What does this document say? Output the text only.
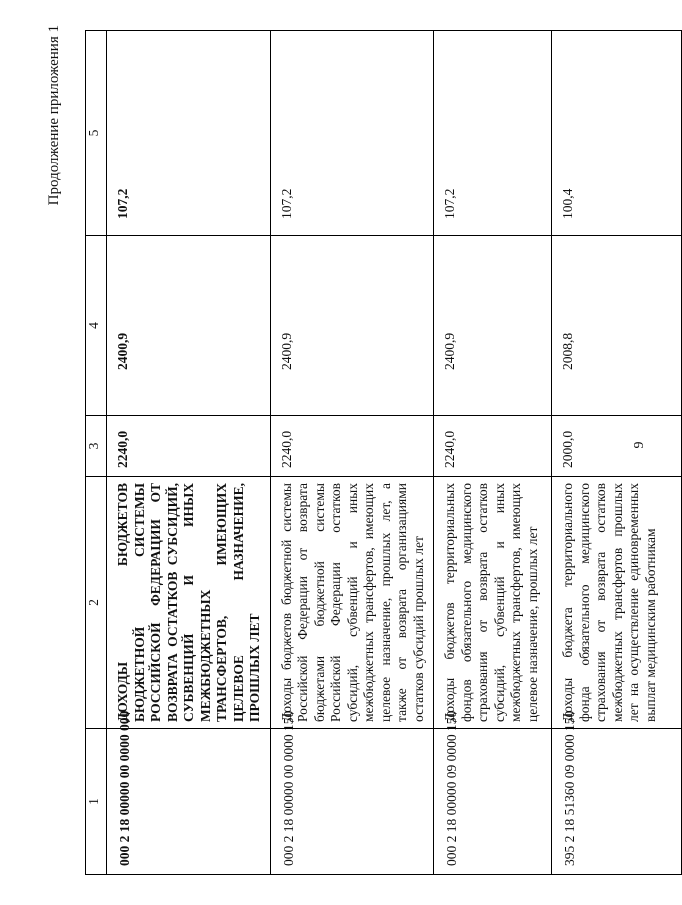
9
Продолжение приложения 1
1	2	3	4	5
000 2 18 00000 00 0000 000	ДОХОДЫ БЮДЖЕТОВ БЮДЖЕТНОЙ СИСТЕМЫ РОССИЙСКОЙ ФЕДЕРАЦИИ ОТ ВОЗВРАТА ОСТАТКОВ СУБСИДИЙ, СУБВЕНЦИЙ И ИНЫХ МЕЖБЮДЖЕТНЫХ ТРАНСФЕРТОВ, ИМЕЮЩИХ ЦЕЛЕВОЕ НАЗНАЧЕНИЕ, ПРОШЛЫХ ЛЕТ	2240,0	2400,9	107,2
000 2 18 00000 00 0000 150	Доходы бюджетов бюджетной системы Российской Федерации от возврата бюджетами бюджетной системы Российской Федерации остатков субсидий, субвенций и иных межбюджетных трансфертов, имеющих целевое назначение, прошлых лет, а также от возврата организациями остатков субсидий прошлых лет	2240,0	2400,9	107,2
000 2 18 00000 09 0000 150	Доходы бюджетов территориальных фондов обязательного медицинского страхования от возврата остатков субсидий, субвенций и иных межбюджетных трансфертов, имеющих целевое назначение, прошлых лет	2240,0	2400,9	107,2
395 2 18 51360 09 0000 150	Доходы бюджета территориального фонда обязательного медицинского страхования от возврата остатков межбюджетных трансфертов прошлых лет на осуществление единовременных выплат медицинским работникам	2000,0	2008,8	100,4
